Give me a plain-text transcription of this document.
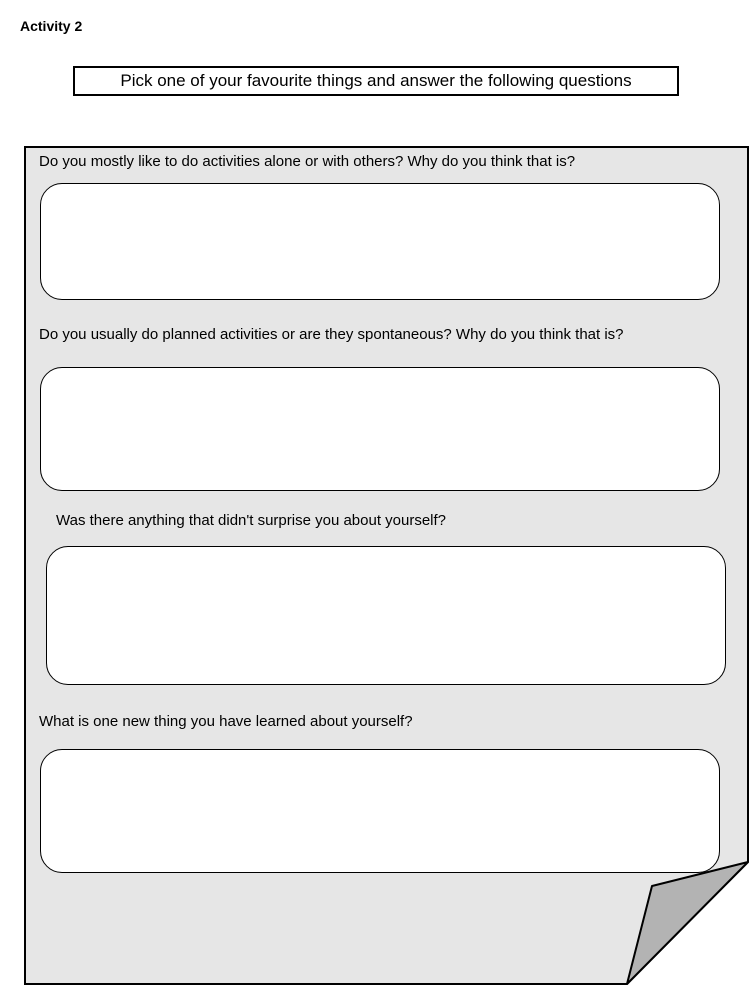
Activity 2
Pick one of your favourite things and answer the following questions
Do you mostly like to do activities alone or with others? Why do you think that is?
Do you usually do planned activities or are they spontaneous? Why do you think that is?
Was there anything that didn't surprise you about yourself?
What is one new thing you have learned about yourself?
